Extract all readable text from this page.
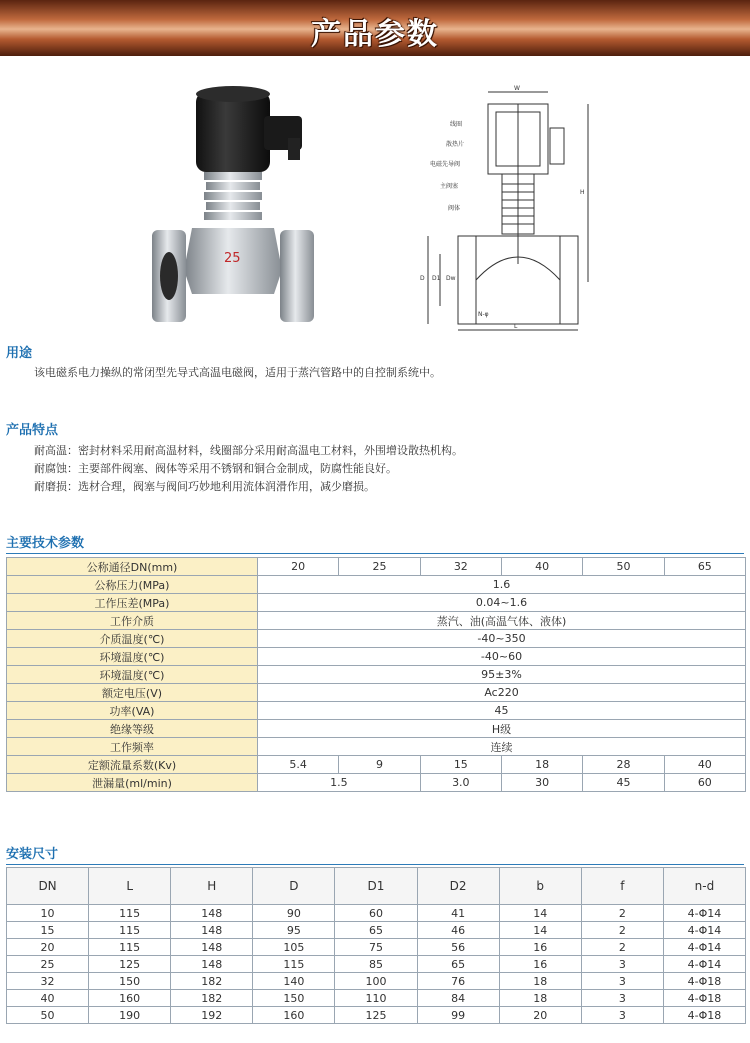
产品参数
25
W
H
线圈
散热片
电磁先导阀
主阀塞
阀体
D D1 Dw
N-φ
L
用途
该电磁系电力操纵的常闭型先导式高温电磁阀，适用于蒸汽管路中的自控制系统中。
产品特点
耐高温：密封材料采用耐高温材料，线圈部分采用耐高温电工材料，外围增设散热机构。
耐腐蚀：主要部件阀塞、阀体等采用不锈钢和铜合金制成，防腐性能良好。
耐磨损：选材合理，阀塞与阀间巧妙地利用流体润滑作用，减少磨损。
主要技术参数
公称通径DN(mm)	20	25	32	40	50	65
公称压力(MPa)	1.6					
工作压差(MPa)	0.04~1.6					
工作介质	蒸汽、油(高温气体、液体)					
介质温度(℃)	-40~350					
环境温度(℃)	-40~60					
环境温度(℃)	95±3%					
额定电压(V)	Ac220					
功率(VA)	45					
绝缘等级	H级					
工作频率	连续					
定额流量系数(Kv)	5.4	9	15	18	28	40
泄漏量(ml/min)	1.5		3.0	30	45	60
安装尺寸
DN	L	H	D	D1	D2	b	f	n-d
10	115	148	90	60	41	14	2	4-Φ14
15	115	148	95	65	46	14	2	4-Φ14
20	115	148	105	75	56	16	2	4-Φ14
25	125	148	115	85	65	16	3	4-Φ14
32	150	182	140	100	76	18	3	4-Φ18
40	160	182	150	110	84	18	3	4-Φ18
50	190	192	160	125	99	20	3	4-Φ18
